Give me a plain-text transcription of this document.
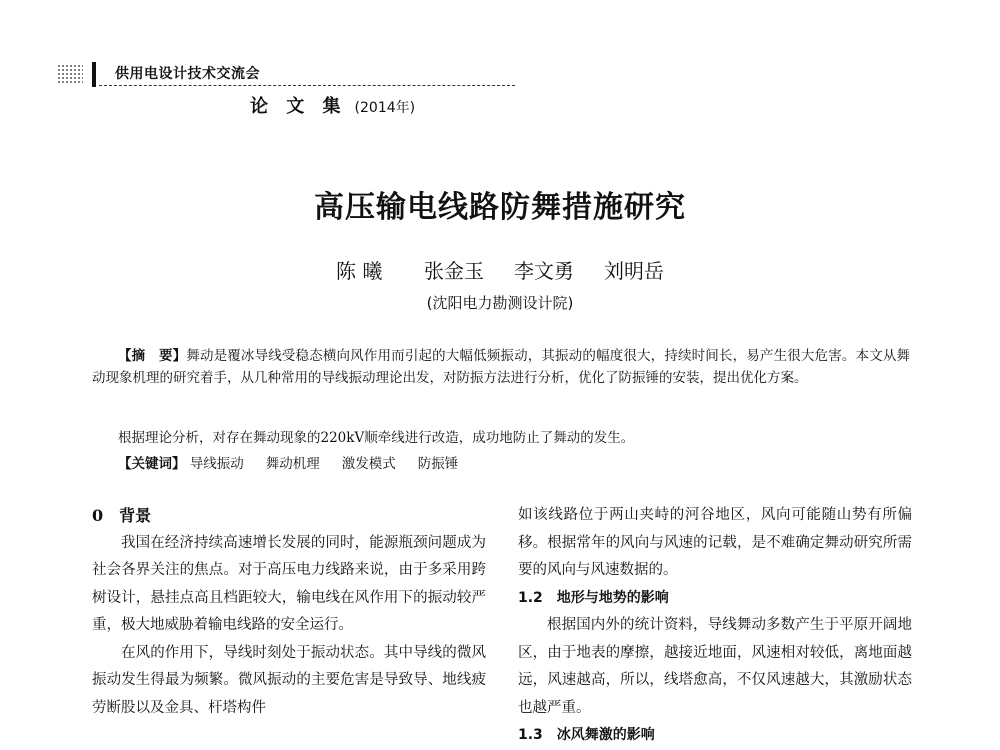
供用电设计技术交流会
论 文 集 (2014年)
高压输电线路防舞措施研究
陈 曦 张金玉 李文勇 刘明岳
(沈阳电力勘测设计院)
【摘　要】舞动是覆冰导线受稳态横向风作用而引起的大幅低频振动，其振动的幅度很大，持续时间长，易产生很大危害。本文从舞动现象机理的研究着手，从几种常用的导线振动理论出发，对防振方法进行分析，优化了防振锤的安装，提出优化方案。
根据理论分析，对存在舞动现象的220kV顺牵线进行改造，成功地防止了舞动的发生。
【关键词】 导线振动 舞动机理 激发模式 防振锤

0　背景

我国在经济持续高速增长发展的同时，能源瓶颈问题成为社会各界关注的焦点。对于高压电力线路来说，由于多采用跨树设计，悬挂点高且档距较大，输电线在风作用下的振动较严重，极大地威胁着输电线路的安全运行。

在风的作用下，导线时刻处于振动状态。其中导线的微风振动发生得最为频繁。微风振动的主要危害是导致导、地线疲劳断股以及金具、杆塔构件

如该线路位于两山夹峙的河谷地区，风向可能随山势有所偏移。根据常年的风向与风速的记载，是不难确定舞动研究所需要的风向与风速数据的。

1.2　地形与地势的影响

根据国内外的统计资料，导线舞动多数产生于平原开阔地区，由于地表的摩擦，越接近地面，风速相对较低，离地面越远，风速越高，所以，线塔愈高，不仅风速越大，其激励状态也越严重。

1.3　冰风舞激的影响
